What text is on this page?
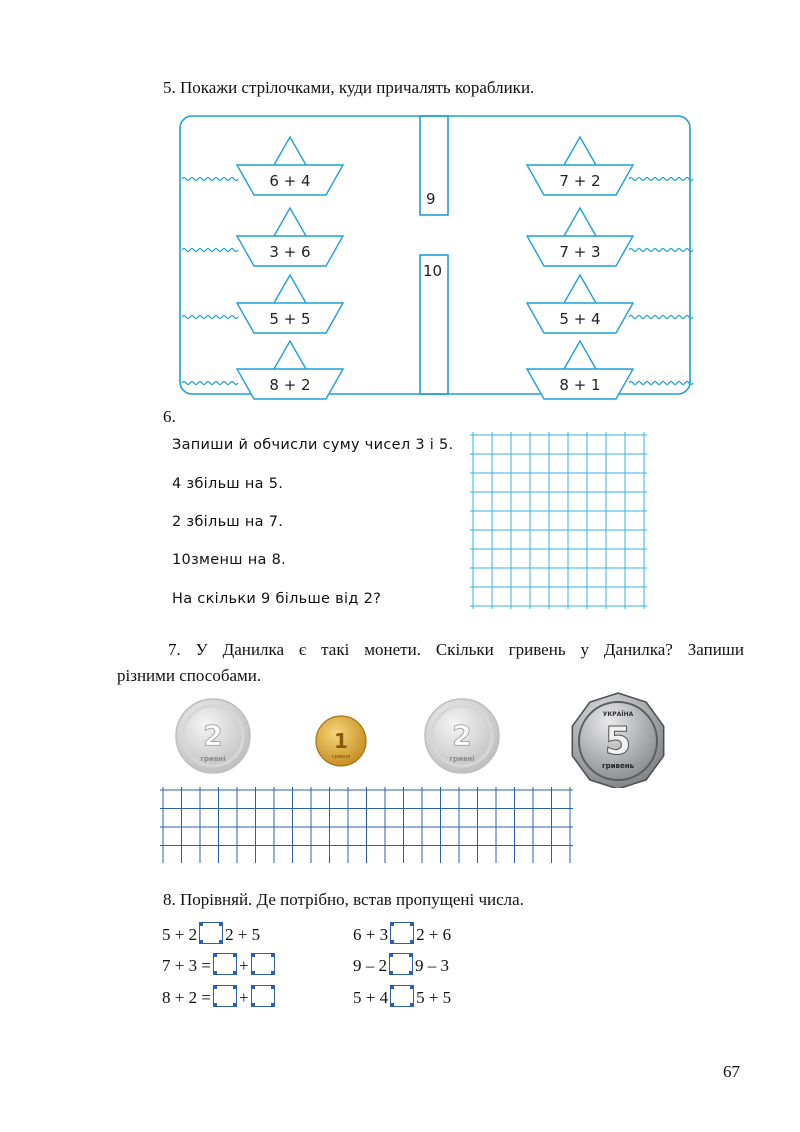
5. Покажи стрілочками, куди причалять кораблики.
9
10
6 + 4	7 + 2
3 + 6	7 + 3
5 + 5	5 + 4
8 + 2	8 + 1
6.
Запиши й обчисли суму чисел 3 і 5.
4 збільш на 5.
2 збільш на 7.
10зменш на 8.
На скільки 9 більше від 2?
7. У Данилка є такі монети. Скільки гривень у Данилка? Запиши
різними способами.
2
гривні
1
гривня
2
гривні	5
УКРАЇНА
гривень
8. Порівняй. Де потрібно, встав пропущені числа.
5 + 2 2 + 5
7 + 3 = +
8 + 2 = +
6 + 3 2 + 6
9 – 2 9 – 3
5 + 4 5 + 5
67
